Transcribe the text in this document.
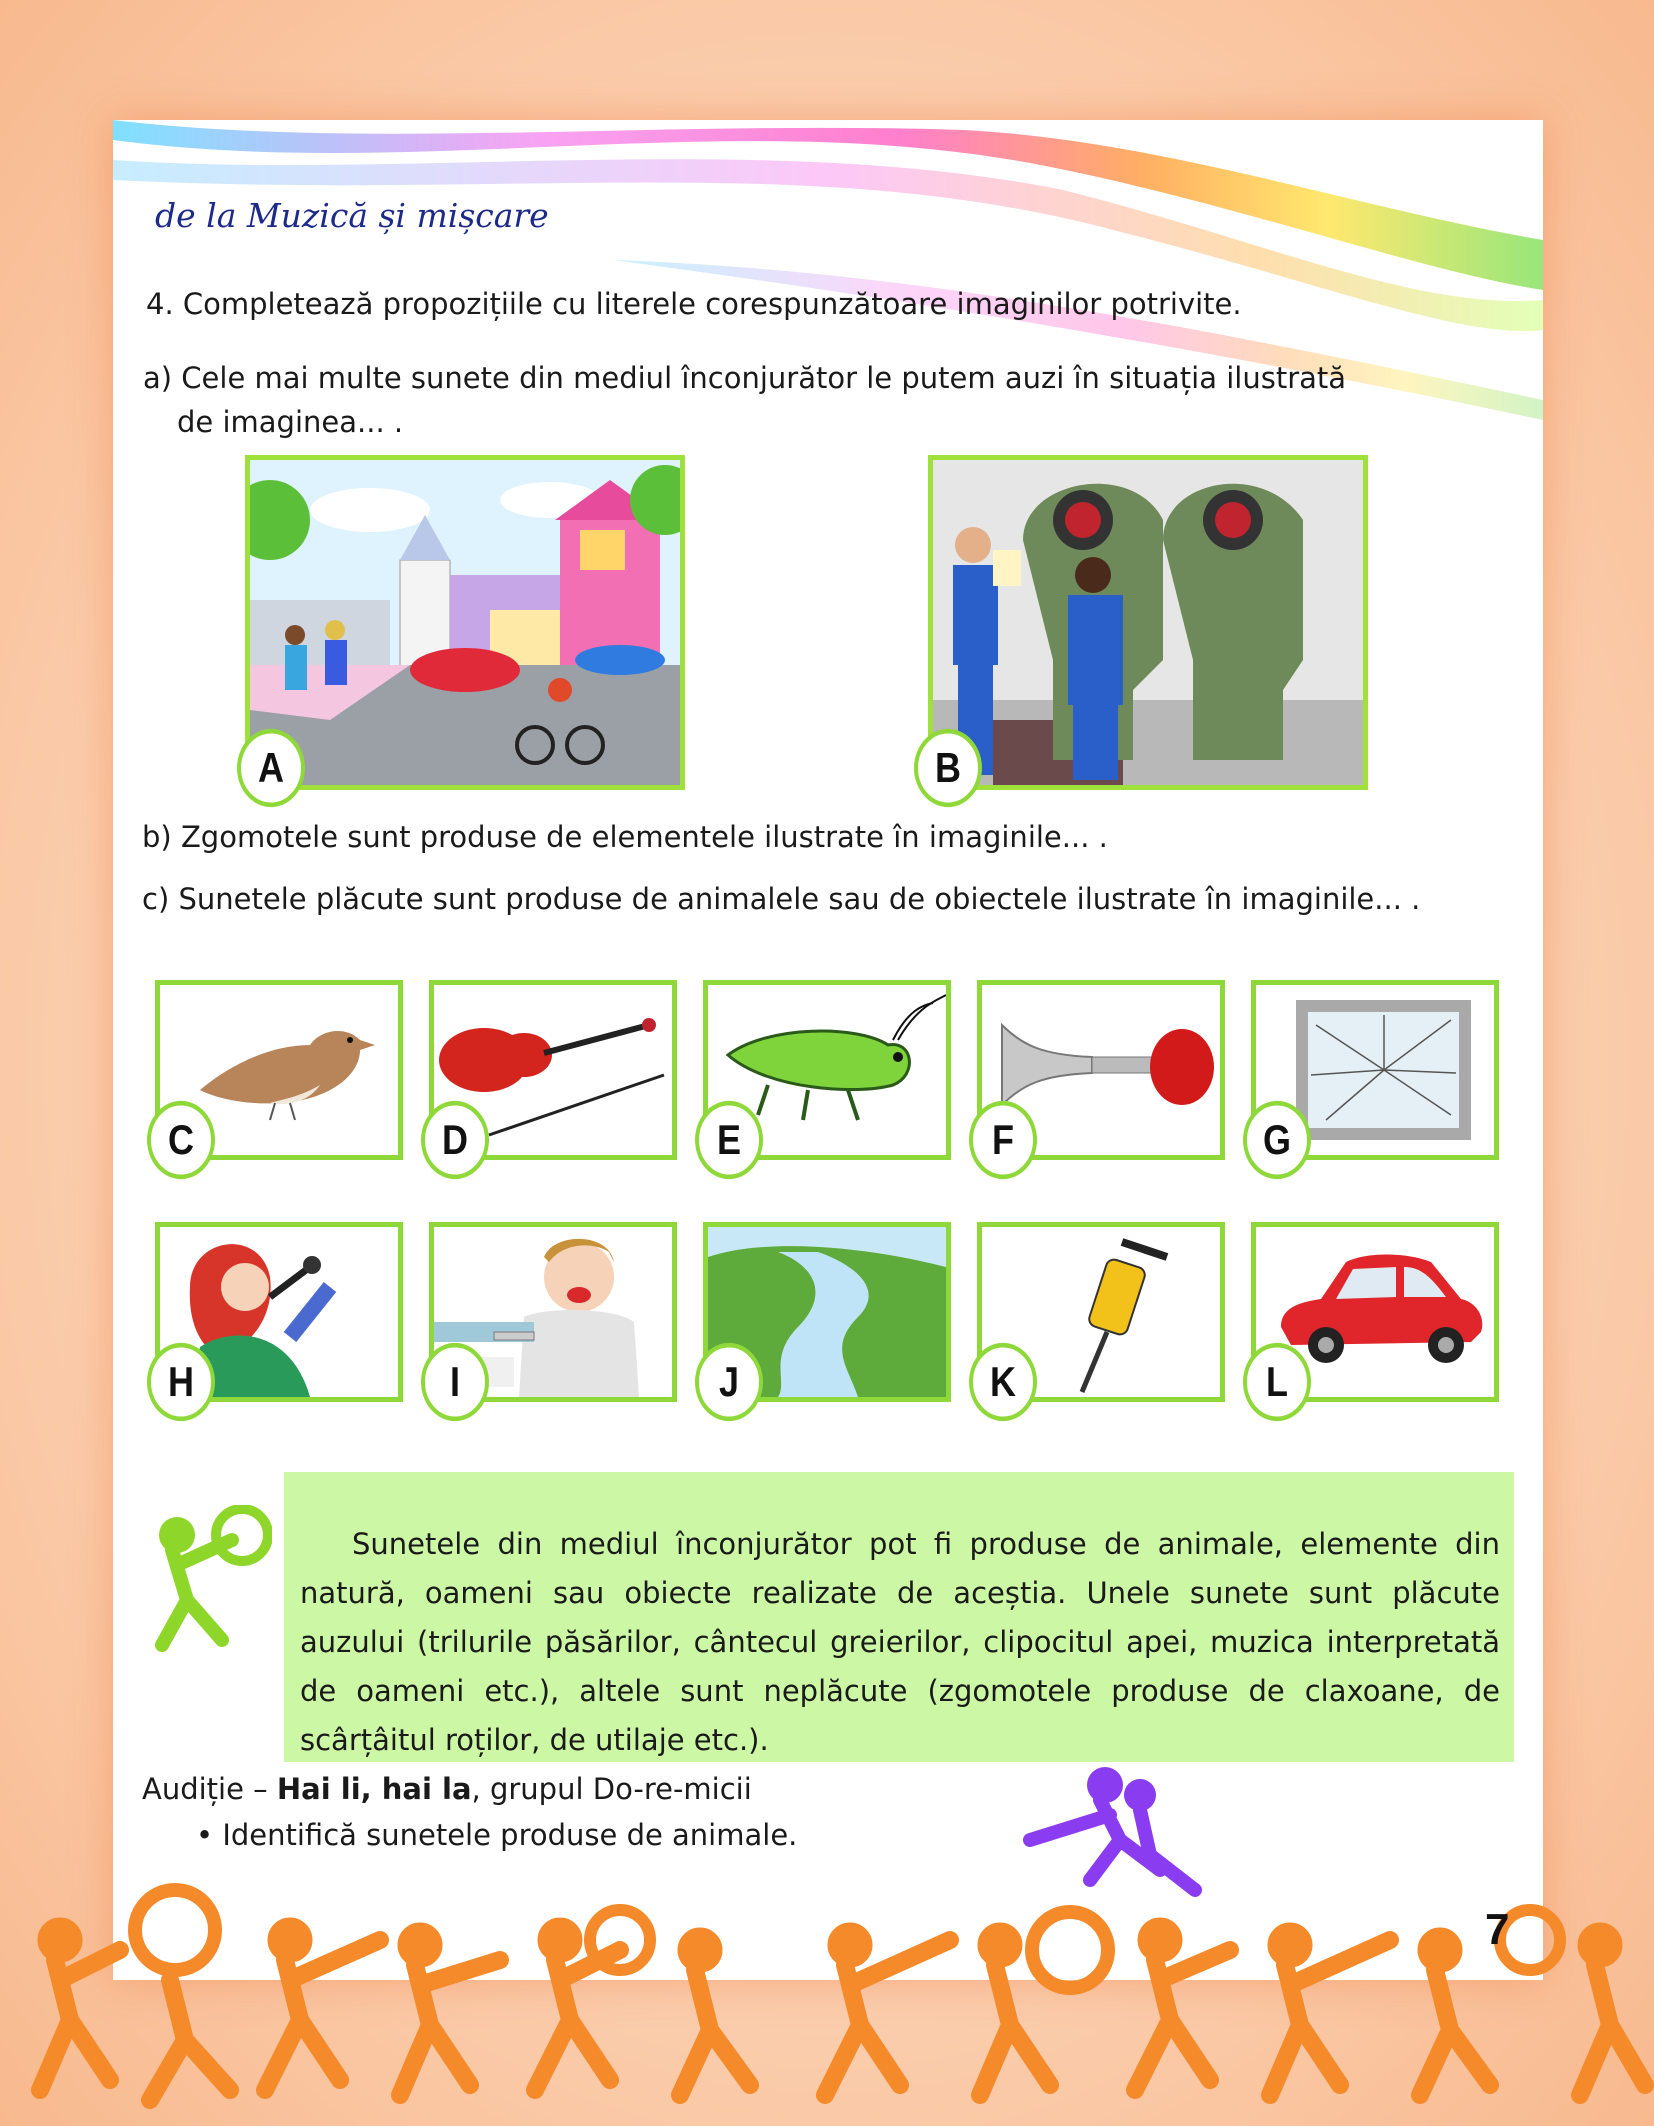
de la Muzică și mișcare
4. Completează propozițiile cu literele corespunzătoare imaginilor potrivite.
a) Cele mai multe sunete din mediul înconjurător le putem auzi în situația ilustrată
de imaginea... .
A	B
b) Zgomotele sunt produse de elementele ilustrate în imaginile... .
c) Sunetele plăcute sunt produse de animalele sau de obiectele ilustrate în imaginile... .
C	D	E	F	G
H	I	J	K	L
Sunetele din mediul înconjurător pot fi produse de animale, elemente din natură, oameni sau obiecte realizate de aceștia. Unele sunete sunt plăcute auzului (trilurile păsărilor, cântecul greierilor, clipocitul apei, muzica interpretată de oameni etc.), altele sunt neplăcute (zgomotele produse de claxoane, de scârțâitul roților, de utilaje etc.).
Audiție – Hai li, hai la, grupul Do-re-micii
• Identifică sunetele produse de animale.
7
